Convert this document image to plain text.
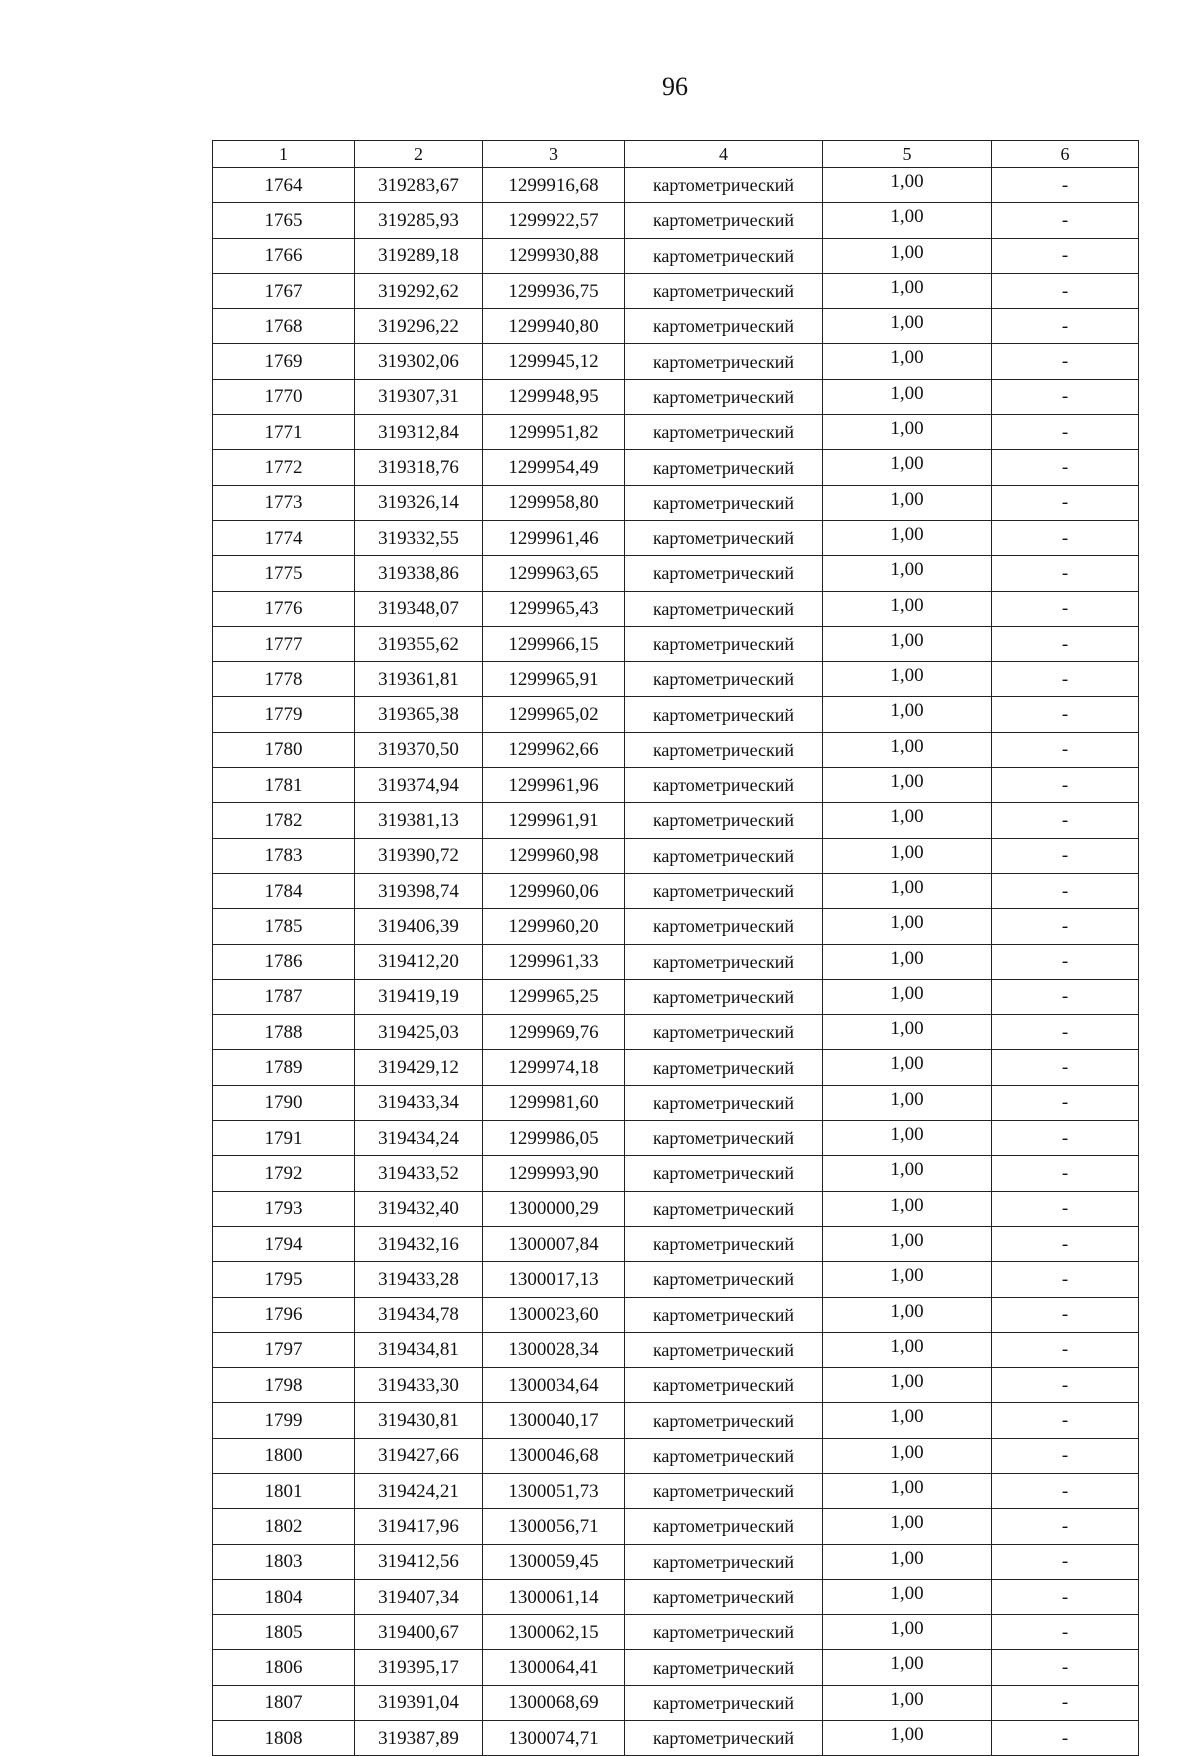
96
1	2	3	4	5	6
1764	319283,67	1299916,68	картометрический	1,00	-
1765	319285,93	1299922,57	картометрический	1,00	-
1766	319289,18	1299930,88	картометрический	1,00	-
1767	319292,62	1299936,75	картометрический	1,00	-
1768	319296,22	1299940,80	картометрический	1,00	-
1769	319302,06	1299945,12	картометрический	1,00	-
1770	319307,31	1299948,95	картометрический	1,00	-
1771	319312,84	1299951,82	картометрический	1,00	-
1772	319318,76	1299954,49	картометрический	1,00	-
1773	319326,14	1299958,80	картометрический	1,00	-
1774	319332,55	1299961,46	картометрический	1,00	-
1775	319338,86	1299963,65	картометрический	1,00	-
1776	319348,07	1299965,43	картометрический	1,00	-
1777	319355,62	1299966,15	картометрический	1,00	-
1778	319361,81	1299965,91	картометрический	1,00	-
1779	319365,38	1299965,02	картометрический	1,00	-
1780	319370,50	1299962,66	картометрический	1,00	-
1781	319374,94	1299961,96	картометрический	1,00	-
1782	319381,13	1299961,91	картометрический	1,00	-
1783	319390,72	1299960,98	картометрический	1,00	-
1784	319398,74	1299960,06	картометрический	1,00	-
1785	319406,39	1299960,20	картометрический	1,00	-
1786	319412,20	1299961,33	картометрический	1,00	-
1787	319419,19	1299965,25	картометрический	1,00	-
1788	319425,03	1299969,76	картометрический	1,00	-
1789	319429,12	1299974,18	картометрический	1,00	-
1790	319433,34	1299981,60	картометрический	1,00	-
1791	319434,24	1299986,05	картометрический	1,00	-
1792	319433,52	1299993,90	картометрический	1,00	-
1793	319432,40	1300000,29	картометрический	1,00	-
1794	319432,16	1300007,84	картометрический	1,00	-
1795	319433,28	1300017,13	картометрический	1,00	-
1796	319434,78	1300023,60	картометрический	1,00	-
1797	319434,81	1300028,34	картометрический	1,00	-
1798	319433,30	1300034,64	картометрический	1,00	-
1799	319430,81	1300040,17	картометрический	1,00	-
1800	319427,66	1300046,68	картометрический	1,00	-
1801	319424,21	1300051,73	картометрический	1,00	-
1802	319417,96	1300056,71	картометрический	1,00	-
1803	319412,56	1300059,45	картометрический	1,00	-
1804	319407,34	1300061,14	картометрический	1,00	-
1805	319400,67	1300062,15	картометрический	1,00	-
1806	319395,17	1300064,41	картометрический	1,00	-
1807	319391,04	1300068,69	картометрический	1,00	-
1808	319387,89	1300074,71	картометрический	1,00	-
